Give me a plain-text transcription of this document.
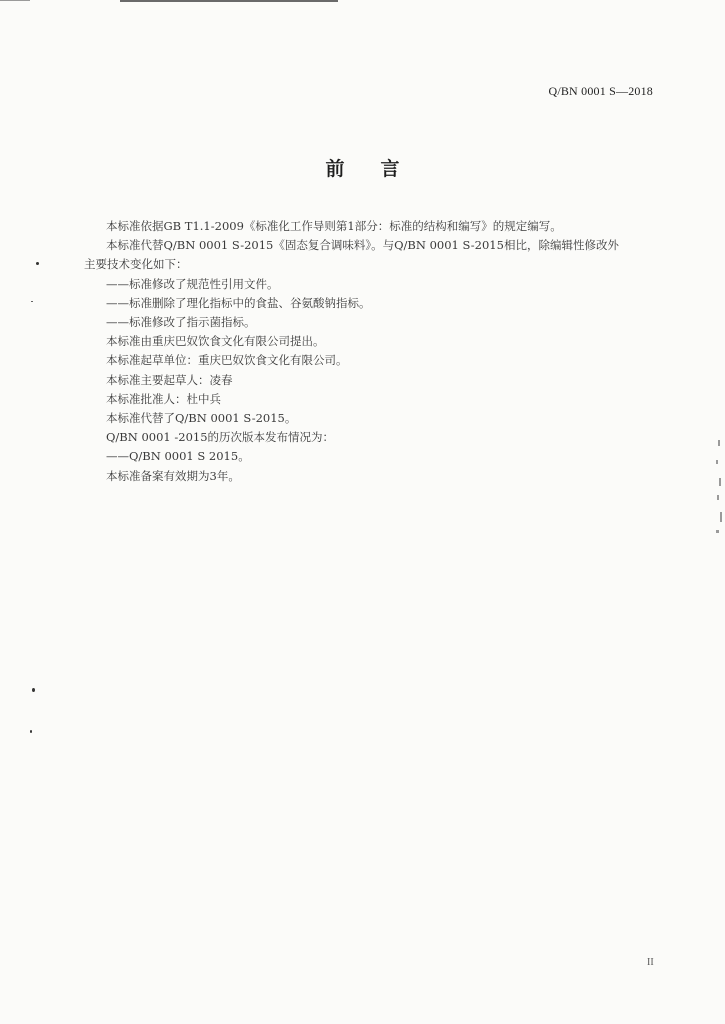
Q/BN 0001 S—2018
前言
本标准依据GB T1.1-2009《标准化工作导则第1部分：标准的结构和编写》的规定编写。
本标准代替Q/BN 0001 S-2015《固态复合调味料》。与Q/BN 0001 S-2015相比，除编辑性修改外
主要技术变化如下：
——标准修改了规范性引用文件。
——标准删除了理化指标中的食盐、谷氨酸钠指标。
——标准修改了指示菌指标。
本标准由重庆巴奴饮食文化有限公司提出。
本标准起草单位：重庆巴奴饮食文化有限公司。
本标准主要起草人：凌春
本标准批准人：杜中兵
本标准代替了Q/BN 0001 S-2015。
Q/BN 0001 -2015的历次版本发布情况为：
——Q/BN 0001 S 2015。
本标准备案有效期为3年。
II
